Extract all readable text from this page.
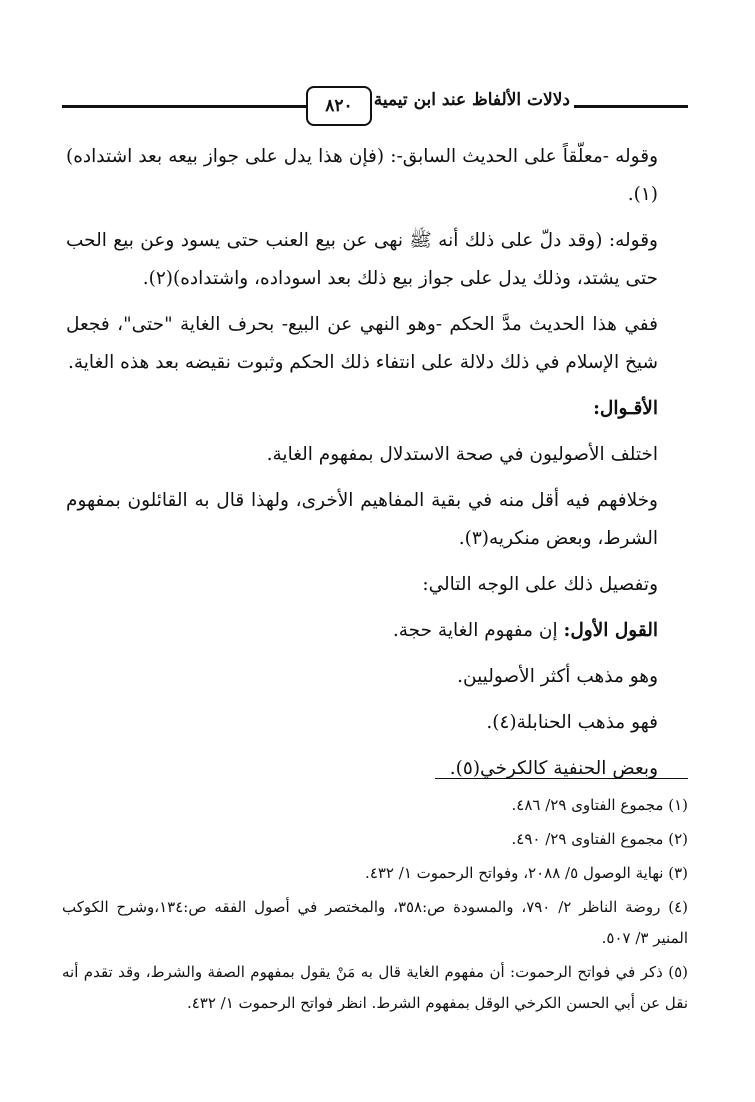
٨٢٠ دلالات الألفاظ عند ابن تيمية

وقوله -معلّقاً على الحديث السابق-: (فإن هذا يدل على جواز بيعه بعد اشتداده)(١).

وقوله: (وقد دلّ على ذلك أنه ﷺ نهى عن بيع العنب حتى يسود وعن بيع الحب حتى يشتد، وذلك يدل على جواز بيع ذلك بعد اسوداده، واشتداده)(٢).

ففي هذا الحديث مدَّ الحكم -وهو النهي عن البيع- بحرف الغاية "حتى"، فجعل شيخ الإسلام في ذلك دلالة على انتفاء ذلك الحكم وثبوت نقيضه بعد هذه الغاية.

الأقـوال:

اختلف الأصوليون في صحة الاستدلال بمفهوم الغاية.

وخلافهم فيه أقل منه في بقية المفاهيم الأخرى، ولهذا قال به القائلون بمفهوم الشرط، وبعض منكريه(٣).

وتفصيل ذلك على الوجه التالي:

القول الأول: إن مفهوم الغاية حجة.

وهو مذهب أكثر الأصوليين.

فهو مذهب الحنابلة(٤).

وبعض الحنفية كالكرخي(٥).

(١) مجموع الفتاوى ٢٩/ ٤٨٦.

(٢) مجموع الفتاوى ٢٩/ ٤٩٠.

(٣) نهاية الوصول ٥/ ٢٠٨٨، وفواتح الرحموت ١/ ٤٣٢.

(٤) روضة الناظر ٢/ ٧٩٠، والمسودة ص:٣٥٨، والمختصر في أصول الفقه ص:١٣٤،وشرح الكوكب المنير ٣/ ٥٠٧.

(٥) ذكر في فواتح الرحموت: أن مفهوم الغاية قال به مَنْ يقول بمفهوم الصفة والشرط، وقد تقدم أنه نقل عن أبي الحسن الكرخي الوقل بمفهوم الشرط. انظر فواتح الرحموت ١/ ٤٣٢.
